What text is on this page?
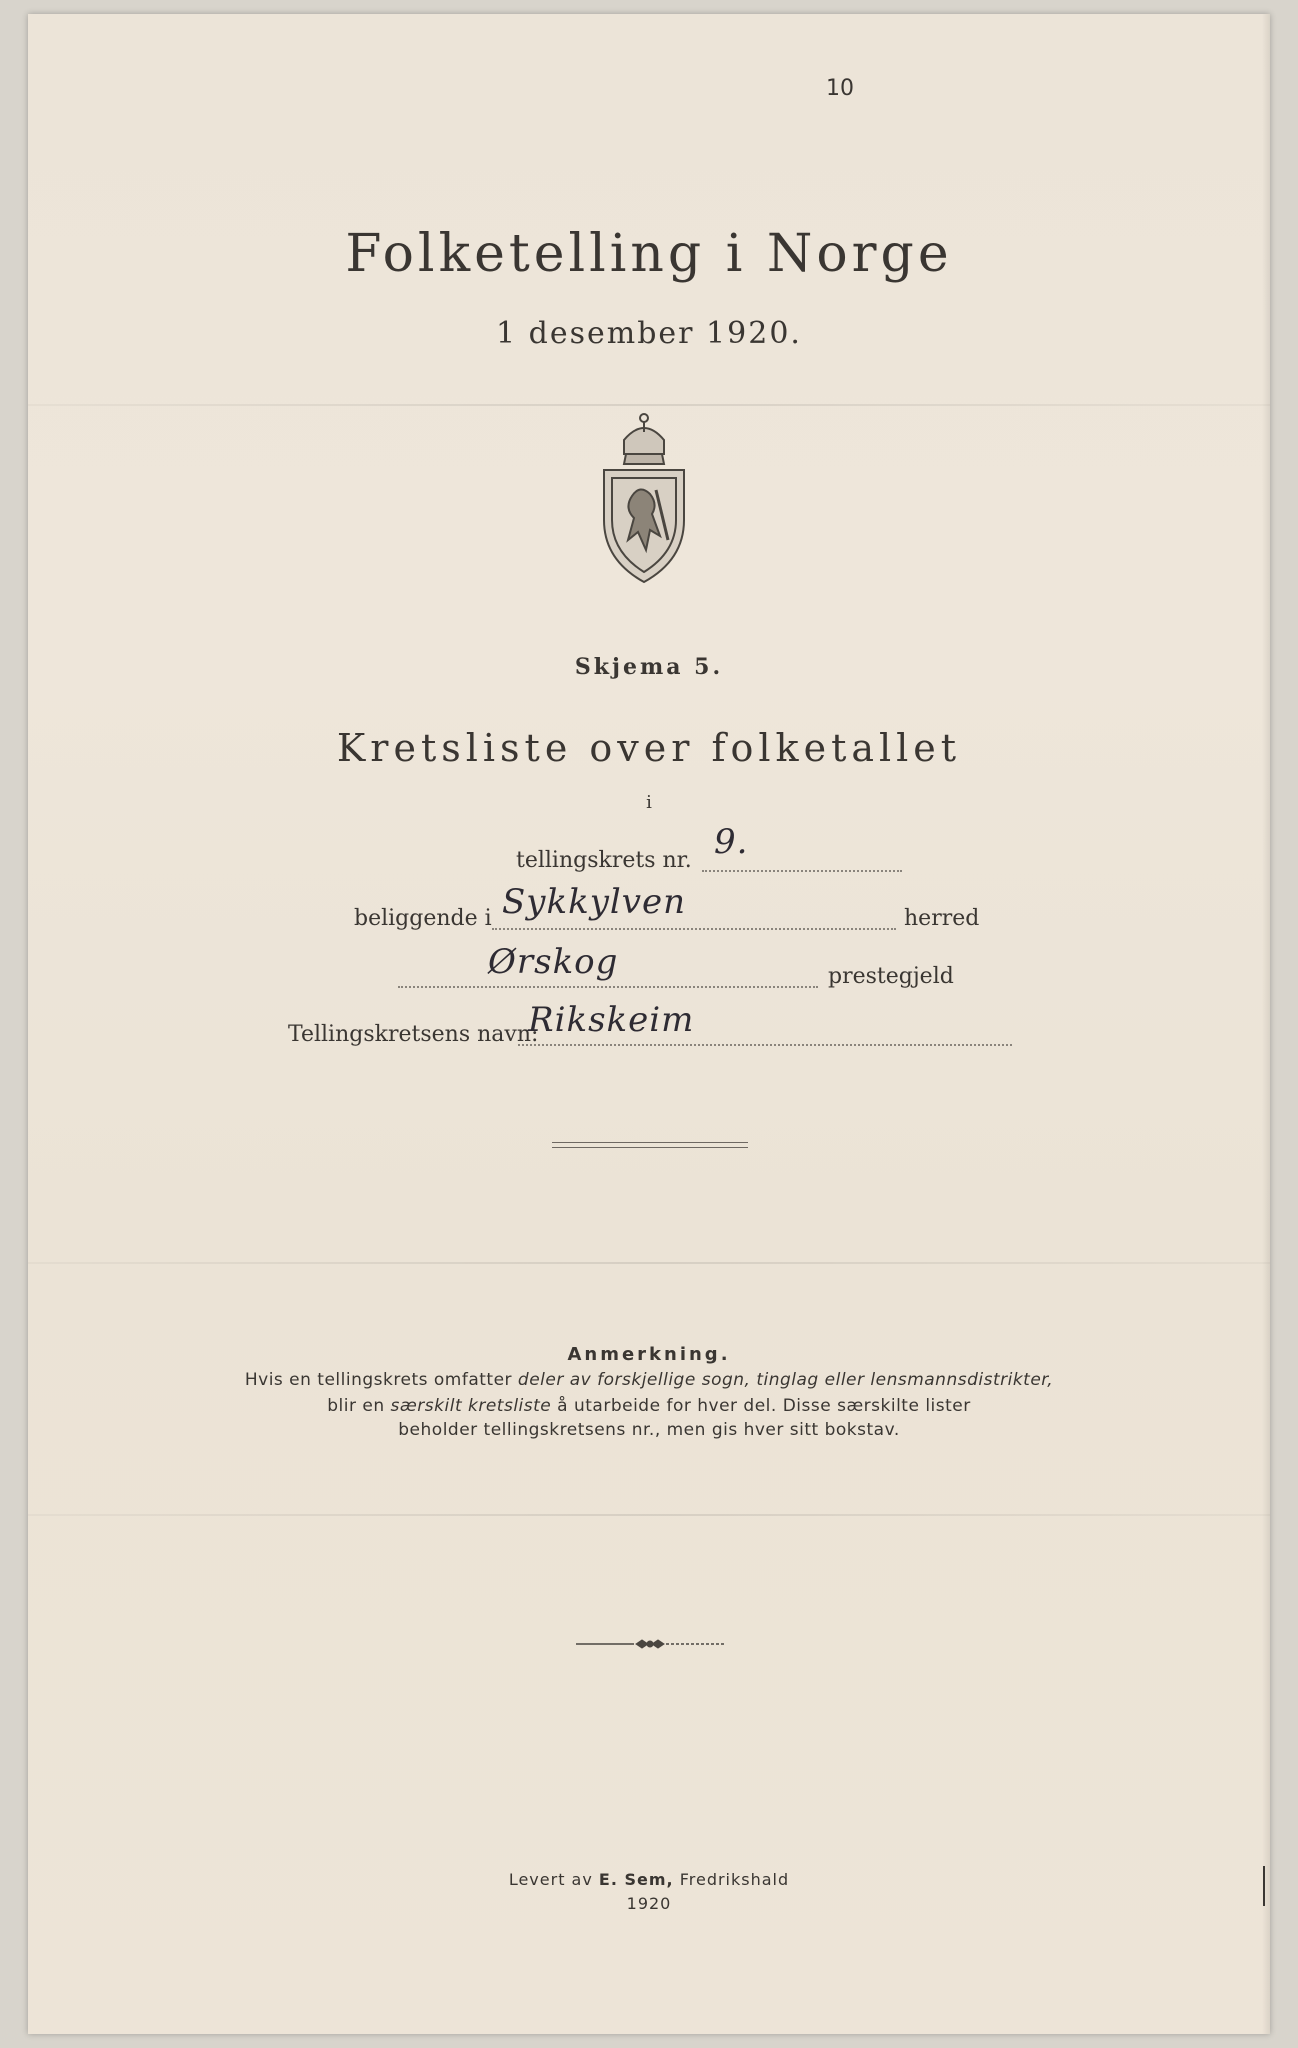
10
Folketelling i Norge
1 desember 1920.
Skjema 5.
Kretsliste over folketallet
i
tellingskrets nr. 9.
beliggende i Sykkylven	herred
Ørskog	prestegjeld
Tellingskretsens navn:
Rikskeim
Anmerkning.
Hvis en tellingskrets omfatter deler av forskjellige sogn, tinglag eller lensmannsdistrikter,
blir en særskilt kretsliste å utarbeide for hver del. Disse særskilte lister
beholder tellingskretsens nr., men gis hver sitt bokstav.
Levert av E. Sem, Fredrikshald
1920
